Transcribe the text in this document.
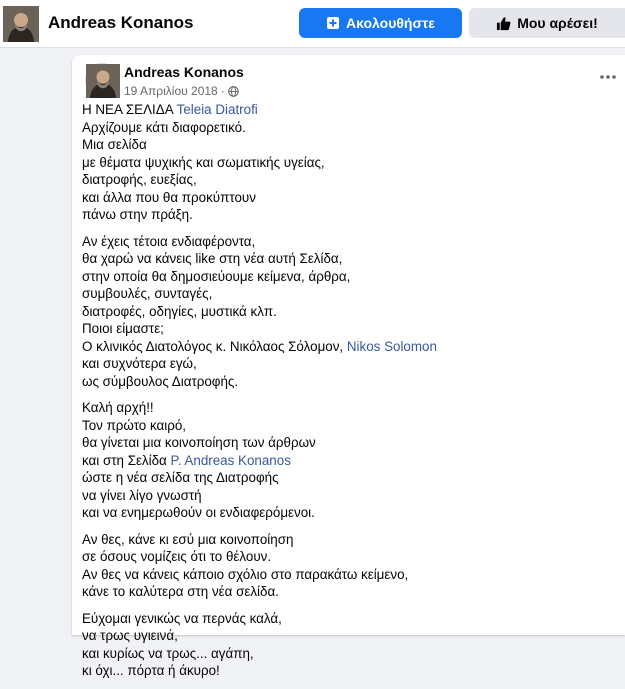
Andreas Konanos	Ακολουθήστε	Μου αρέσει!
Andreas Konanos
19 Απριλίου 2018 ·
Η ΝΕΑ ΣΕΛΙΔΑ Teleia Diatrofi
Αρχίζουμε κάτι διαφορετικό.
Μια σελίδα
με θέματα ψυχικής και σωματικής υγείας,
διατροφής, ευεξίας,
και άλλα που θα προκύπτουν
πάνω στην πράξη.
Αν έχεις τέτοια ενδιαφέροντα,
θα χαρώ να κάνεις like στη νέα αυτή Σελίδα,
στην οποία θα δημοσιεύουμε κείμενα, άρθρα,
συμβουλές, συνταγές,
διατροφές, οδηγίες, μυστικά κλπ.
Ποιοι είμαστε;
Ο κλινικός Διατολόγος κ. Νικόλαος Σόλομον, Nikos Solomon
και συχνότερα εγώ,
ως σύμβουλος Διατροφής.
Καλή αρχή!!
Τον πρώτο καιρό,
θα γίνεται μια κοινοποίηση των άρθρων
και στη Σελίδα P. Andreas Konanos
ώστε η νέα σελίδα της Διατροφής
να γίνει λίγο γνωστή
και να ενημερωθούν οι ενδιαφερόμενοι.
Αν θες, κάνε κι εσύ μια κοινοποίηση
σε όσους νομίζεις ότι το θέλουν.
Αν θες να κάνεις κάποιο σχόλιο στο παρακάτω κείμενο,
κάνε το καλύτερα στη νέα σελίδα.
Εύχομαι γενικώς να περνάς καλά,
να τρως υγιεινά,
και κυρίως να τρως... αγάπη,
κι όχι... πόρτα ή άκυρο!
